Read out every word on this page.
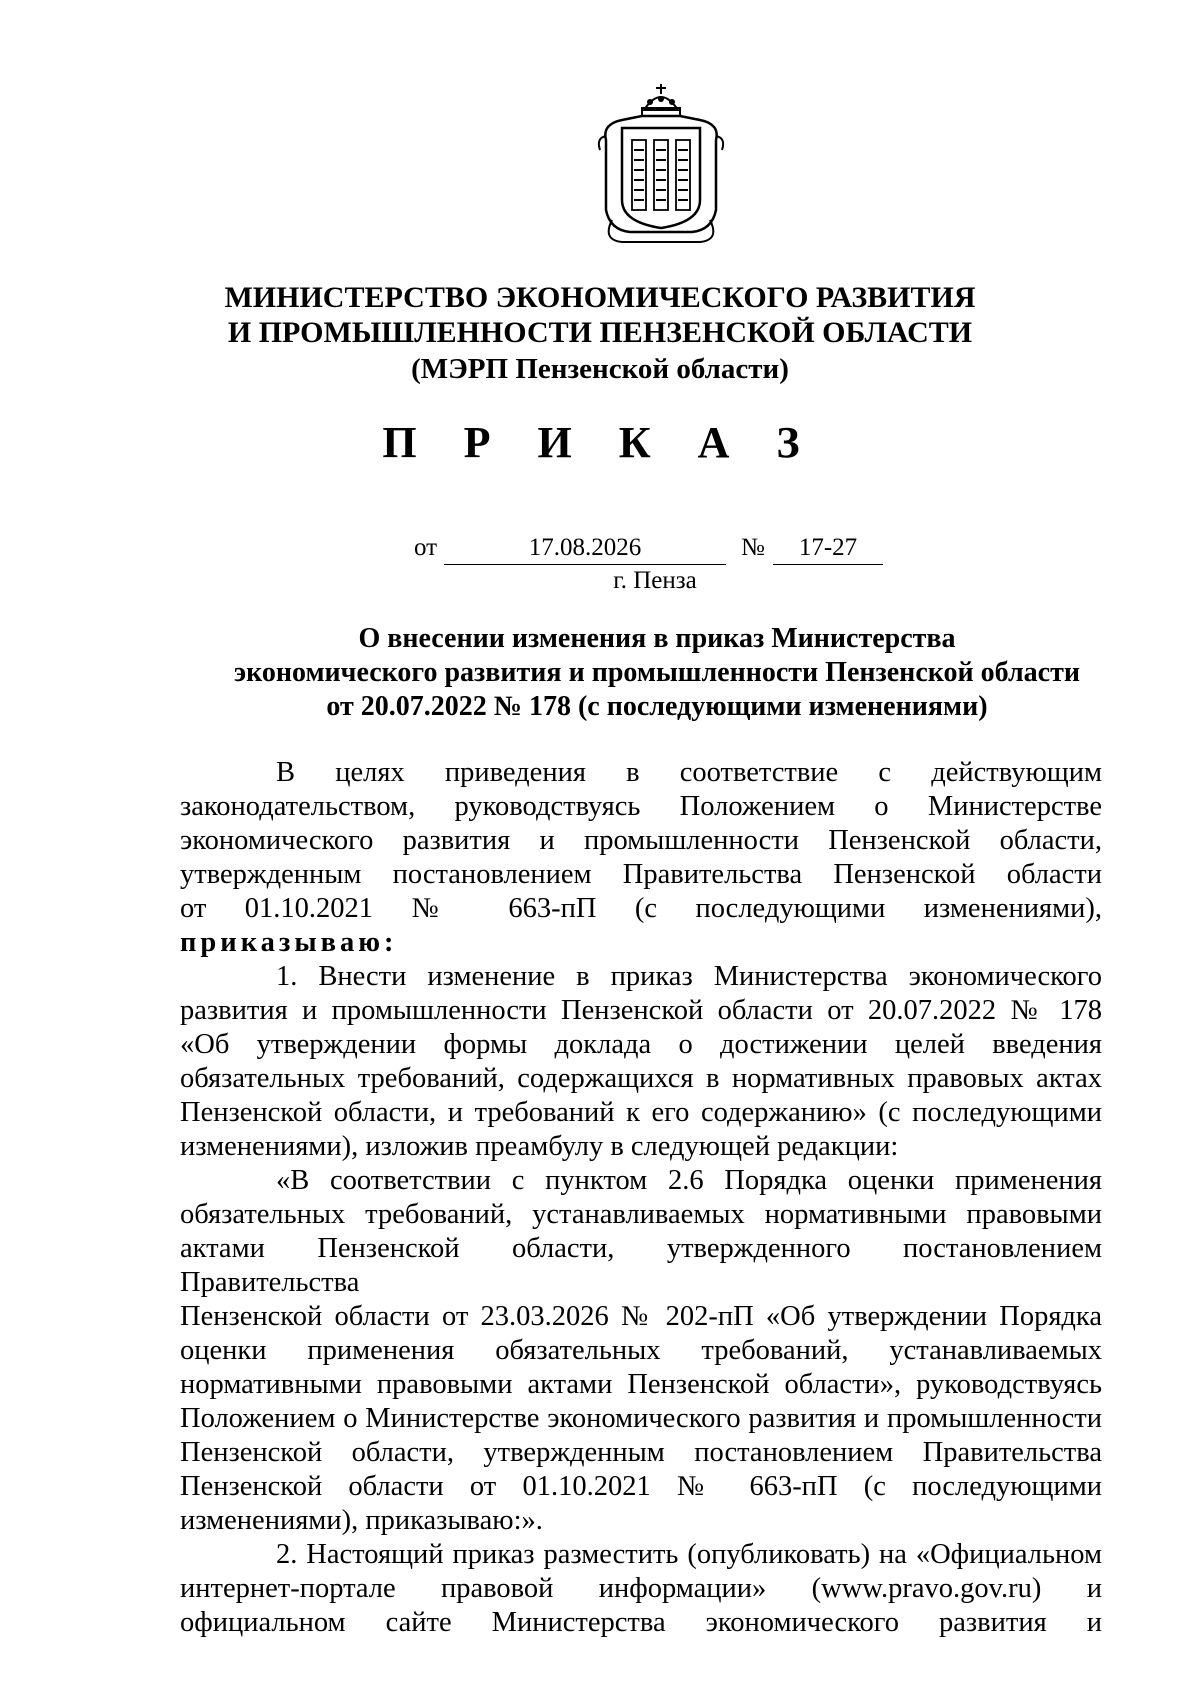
МИНИСТЕРСТВО ЭКОНОМИЧЕСКОГО РАЗВИТИЯ
И ПРОМЫШЛЕННОСТИ ПЕНЗЕНСКОЙ ОБЛАСТИ
(МЭРП Пензенской области)
П Р И К А З
от	17.08.2026	№	17-27
г. Пенза
О внесении изменения в приказ Министерства
экономического развития и промышленности Пензенской области
от 20.07.2022 № 178 (с последующими изменениями)

В целях приведения в соответствие с действующим

законодательством, руководствуясь Положением о Министерстве

экономического развития и промышленности Пензенской области,

утвержденным постановлением Правительства Пензенской области

от 01.10.2021 № 663-пП (с последующими изменениями),

приказываю:

1. Внести изменение в приказ Министерства экономического

развития и промышленности Пензенской области от 20.07.2022 № 178

«Об утверждении формы доклада о достижении целей введения

обязательных требований, содержащихся в нормативных правовых актах

Пензенской области, и требований к его содержанию» (с последующими

изменениями), изложив преамбулу в следующей редакции:

«В соответствии с пунктом 2.6 Порядка оценки применения

обязательных требований, устанавливаемых нормативными правовыми

актами Пензенской области, утвержденного постановлением Правительства

Пензенской области от 23.03.2026 № 202-пП «Об утверждении Порядка

оценки применения обязательных требований, устанавливаемых

нормативными правовыми актами Пензенской области», руководствуясь

Положением о Министерстве экономического развития и промышленности

Пензенской области, утвержденным постановлением Правительства

Пензенской области от 01.10.2021 № 663-пП (с последующими

изменениями), приказываю:».

2. Настоящий приказ разместить (опубликовать) на «Официальном

интернет-портале правовой информации» (www.pravo.gov.ru) и

официальном сайте Министерства экономического развития и
